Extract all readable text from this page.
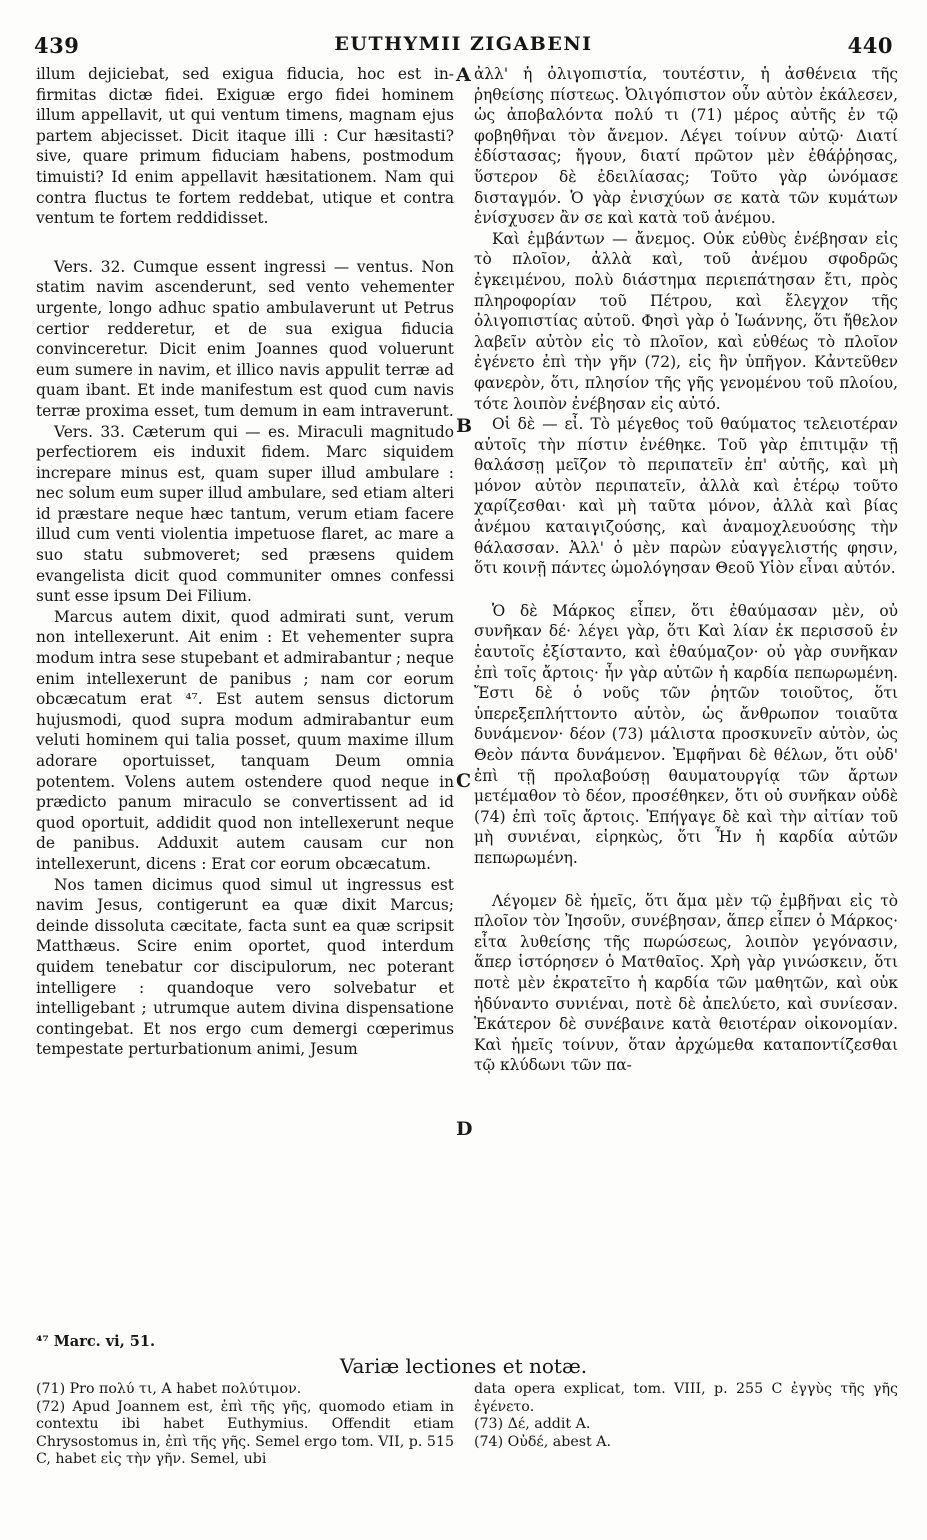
439	EUTHYMII ZIGABENI	440

illum dejiciebat, sed exigua fiducia, hoc est in- firmitas dictæ fidei. Exiguæ ergo fidei hominem illum appellavit, ut qui ventum timens, magnam ejus partem abjecisset. Dicit itaque illi : Cur hæsitasti? sive, quare primum fiduciam habens, postmodum timuisti? Id enim appellavit hæsitationem. Nam qui contra fluctus te fortem reddebat, utique et contra ventum te fortem reddidisset.

Vers. 32. Cumque essent ingressi — ventus. Non statim navim ascenderunt, sed vento vehementer urgente, longo adhuc spatio ambulaverunt ut Petrus certior redderetur, et de sua exigua fiducia convinceretur. Dicit enim Joannes quod voluerunt eum sumere in navim, et illico navis appulit terræ ad quam ibant. Et inde manifestum est quod cum navis terræ proxima esset, tum demum in eam intraverunt.

Vers. 33. Cæterum qui — es. Miraculi magnitudo perfectiorem eis induxit fidem. Marc siquidem increpare minus est, quam super illud ambulare : nec solum eum super illud ambulare, sed etiam alteri id præstare neque hæc tantum, verum etiam facere illud cum venti violentia impetuose flaret, ac mare a suo statu submoveret; sed præsens quidem evangelista dicit quod communiter omnes confessi sunt esse ipsum Dei Filium.

Marcus autem dixit, quod admirati sunt, verum non intellexerunt. Ait enim : Et vehementer supra modum intra sese stupebant et admirabantur ; neque enim intellexerunt de panibus ; nam cor eorum obcæcatum erat ⁴⁷. Est autem sensus dictorum hujusmodi, quod supra modum admirabantur eum veluti hominem qui talia posset, quum maxime illum adorare oportuisset, tanquam Deum omnia potentem. Volens autem ostendere quod neque in prædicto panum miraculo se convertissent ad id quod oportuit, addidit quod non intellexerunt neque de panibus. Adduxit autem causam cur non intellexerunt, dicens : Erat cor eorum obcæcatum.

Nos tamen dicimus quod simul ut ingressus est navim Jesus, contigerunt ea quæ dixit Marcus; deinde dissoluta cæcitate, facta sunt ea quæ scripsit Matthæus. Scire enim oportet, quod interdum quidem tenebatur cor discipulorum, nec poterant intelligere : quandoque vero solvebatur et intelligebant ; utrumque autem divina dispensatione contingebat. Et nos ergo cum demergi cœperimus tempestate perturbationum animi, Jesum

ἀλλ' ἡ ὀλιγοπιστία, τουτέστιν, ἡ ἀσθένεια τῆς ῥηθείσης πίστεως. Ὀλιγόπιστον οὖν αὐτὸν ἐκάλεσεν, ὡς ἀποβαλόντα πολύ τι (71) μέρος αὐτῆς ἐν τῷ φοβηθῆναι τὸν ἄνεμον. Λέγει τοίνυν αὐτῷ· Διατί ἐδίστασας; ἤγουν, διατί πρῶτον μὲν ἐθάῤῥησας, ὕστερον δὲ ἐδειλίασας; Τοῦτο γὰρ ὠνόμασε δισταγμόν. Ὁ γὰρ ἐνισχύων σε κατὰ τῶν κυμάτων ἐνίσχυσεν ἂν σε καὶ κατὰ τοῦ ἀνέμου.

Καὶ ἐμβάντων — ἄνεμος. Οὐκ εὐθὺς ἐνέβησαν εἰς τὸ πλοῖον, ἀλλὰ καὶ, τοῦ ἀνέμου σφοδρῶς ἐγκειμένου, πολὺ διάστημα περιεπάτησαν ἔτι, πρὸς πληροφορίαν τοῦ Πέτρου, καὶ ἔλεγχον τῆς ὀλιγοπιστίας αὐτοῦ. Φησὶ γὰρ ὁ Ἰωάννης, ὅτι ἤθελον λαβεῖν αὐτὸν εἰς τὸ πλοῖον, καὶ εὐθέως τὸ πλοῖον ἐγένετο ἐπὶ τὴν γῆν (72), εἰς ἣν ὑπῆγον. Κἀντεῦθεν φανερὸν, ὅτι, πλησίον τῆς γῆς γενομένου τοῦ πλοίου, τότε λοιπὸν ἐνέβησαν εἰς αὐτό.

Οἱ δὲ — εἶ. Τὸ μέγεθος τοῦ θαύματος τελειοτέραν αὐτοῖς τὴν πίστιν ἐνέθηκε. Τοῦ γὰρ ἐπιτιμᾷν τῇ θαλάσσῃ μεῖζον τὸ περιπατεῖν ἐπ' αὐτῆς, καὶ μὴ μόνον αὐτὸν περιπατεῖν, ἀλλὰ καὶ ἑτέρῳ τοῦτο χαρίζεσθαι· καὶ μὴ ταῦτα μόνον, ἀλλὰ καὶ βίας ἀνέμου καταιγιζούσης, καὶ ἀναμοχλευούσης τὴν θάλασσαν. Ἀλλ' ὁ μὲν παρὼν εὐαγγελιστής φησιν, ὅτι κοινῇ πάντες ὡμολόγησαν Θεοῦ Υἱὸν εἶναι αὐτόν.

Ὁ δὲ Μάρκος εἶπεν, ὅτι ἐθαύμασαν μὲν, οὐ συνῆκαν δέ· λέγει γὰρ, ὅτι Καὶ λίαν ἐκ περισσοῦ ἐν ἑαυτοῖς ἐξίσταντο, καὶ ἐθαύμαζον· οὐ γὰρ συνῆκαν ἐπὶ τοῖς ἄρτοις· ἦν γὰρ αὐτῶν ἡ καρδία πεπωρωμένη. Ἔστι δὲ ὁ νοῦς τῶν ῥητῶν τοιοῦτος, ὅτι ὑπερεξεπλήττοντο αὐτὸν, ὡς ἄνθρωπον τοιαῦτα δυνάμενον· δέον (73) μάλιστα προσκυνεῖν αὐτὸν, ὡς Θεὸν πάντα δυνάμενον. Ἐμφῆναι δὲ θέλων, ὅτι οὐδ' ἐπὶ τῇ προλαβούσῃ θαυματουργίᾳ τῶν ἄρτων μετέμαθον τὸ δέον, προσέθηκεν, ὅτι οὐ συνῆκαν οὐδὲ (74) ἐπὶ τοῖς ἄρτοις. Ἐπήγαγε δὲ καὶ τὴν αἰτίαν τοῦ μὴ συνιέναι, εἰρηκὼς, ὅτι Ἦν ἡ καρδία αὐτῶν πεπωρωμένη.

Λέγομεν δὲ ἡμεῖς, ὅτι ἅμα μὲν τῷ ἐμβῆναι εἰς τὸ πλοῖον τὸν Ἰησοῦν, συνέβησαν, ἅπερ εἶπεν ὁ Μάρκος· εἶτα λυθείσης τῆς πωρώσεως, λοιπὸν γεγόνασιν, ἅπερ ἱστόρησεν ὁ Ματθαῖος. Χρὴ γὰρ γινώσκειν, ὅτι ποτὲ μὲν ἐκρατεῖτο ἡ καρδία τῶν μαθητῶν, καὶ οὐκ ἠδύναντο συνιέναι, ποτὲ δὲ ἀπελύετο, καὶ συνίεσαν. Ἑκάτερον δὲ συνέβαινε κατὰ θειοτέραν οἰκονομίαν. Καὶ ἡμεῖς τοίνυν, ὅταν ἀρχώμεθα καταποντίζεσθαι τῷ κλύδωνι τῶν πα-

A
B
C
D
⁴⁷ Marc. vi, 51.
Variæ lectiones et notæ.

(71) Pro πολύ τι, A habet πολύτιμον.

(72) Apud Joannem est, ἐπὶ τῆς γῆς, quomodo etiam in contextu ibi habet Euthymius. Offendit etiam Chrysostomus in, ἐπὶ τῆς γῆς. Semel ergo tom. VII, p. 515 C, habet εἰς τὴν γῆν. Semel, ubi

data opera explicat, tom. VIII, p. 255 C ἐγγὺς τῆς γῆς ἐγένετο.

(73) Δέ, addit A.

(74) Οὐδέ, abest A.
